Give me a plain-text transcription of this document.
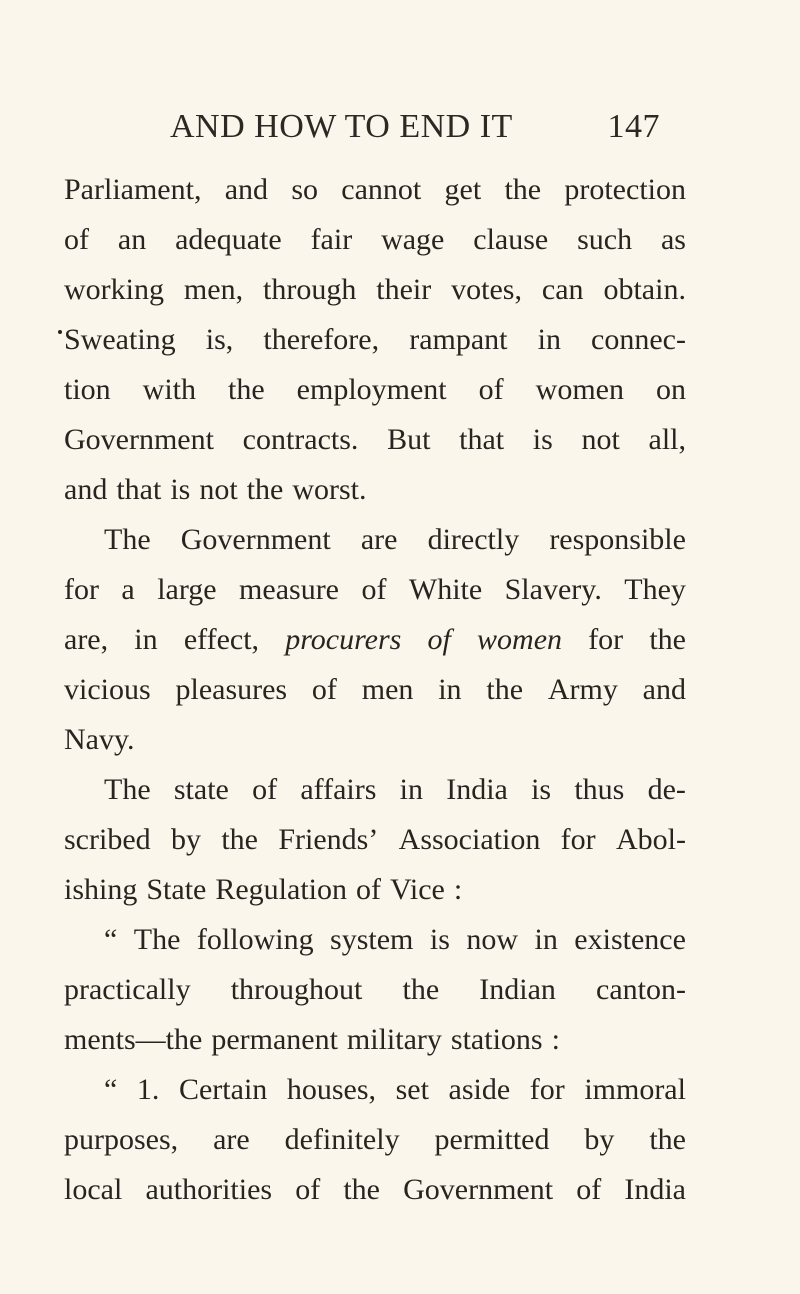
AND HOW TO END IT	147
Parliament, and so cannot get the protection
of an adequate fair wage clause such as
working men, through their votes, can obtain.
Sweating is, therefore, rampant in connec-
tion with the employment of women on
Government contracts. But that is not all,
and that is not the worst.
The Government are directly responsible
for a large measure of White Slavery. They
are, in effect, procurers of women for the
vicious pleasures of men in the Army and
Navy.
The state of affairs in India is thus de-
scribed by the Friends’ Association for Abol-
ishing State Regulation of Vice :
“ The following system is now in existence
practically throughout the Indian canton-
ments—the permanent military stations :
“ 1. Certain houses, set aside for immoral
purposes, are definitely permitted by the
local authorities of the Government of India
